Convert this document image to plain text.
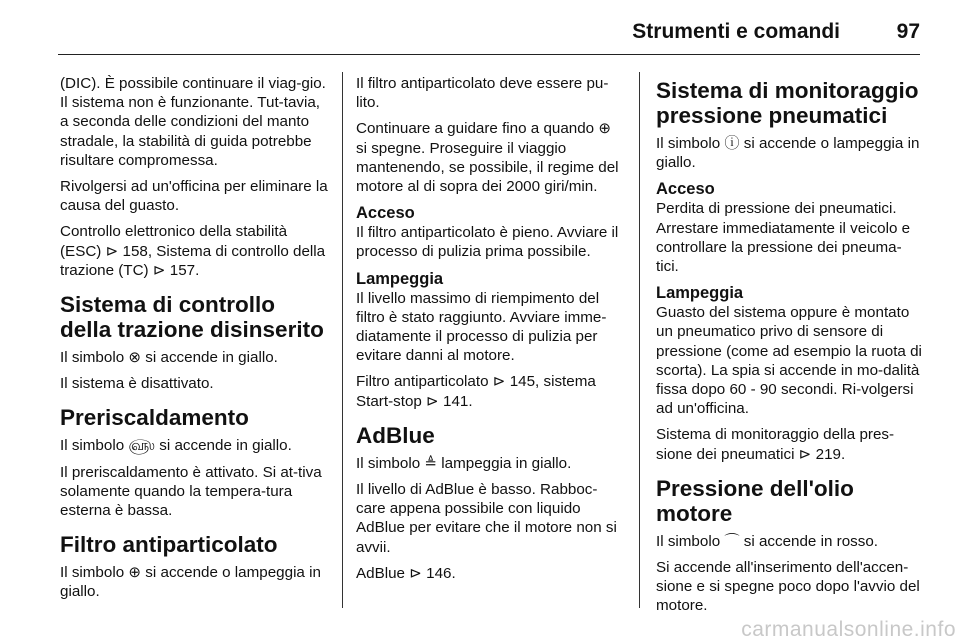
Strumenti e comandi	97

(DIC). È possibile continuare il viag-gio. Il sistema non è funzionante. Tut-tavia, a seconda delle condizioni del manto stradale, la stabilità di guida potrebbe risultare compromessa.

Rivolgersi ad un'officina per eliminare la causa del guasto.

Controllo elettronico della stabilità (ESC) ⊳ 158, Sistema di controllo della trazione (TC) ⊳ 157.

Sistema di controllo della trazione disinserito

Il simbolo ⊗ si accende in giallo.

Il sistema è disattivato.

Preriscaldamento

Il simbolo ௵ si accende in giallo.

Il preriscaldamento è attivato. Si at-tiva solamente quando la tempera-tura esterna è bassa.

Filtro antiparticolato

Il simbolo ⊕ si accende o lampeggia in giallo.

Il filtro antiparticolato deve essere pu-lito.

Continuare a guidare fino a quando ⊕ si spegne. Proseguire il viaggio mantenendo, se possibile, il regime del motore al di sopra dei 2000 giri/min.

Acceso

Il filtro antiparticolato è pieno. Avviare il processo di pulizia prima possibile.

Lampeggia

Il livello massimo di riempimento del filtro è stato raggiunto. Avviare imme-diatamente il processo di pulizia per evitare danni al motore.

Filtro antiparticolato ⊳ 145, sistema Start-stop ⊳ 141.

AdBlue

Il simbolo ≜ lampeggia in giallo.

Il livello di AdBlue è basso. Rabboc-care appena possibile con liquido AdBlue per evitare che il motore non si avvii.

AdBlue ⊳ 146.

Sistema di monitoraggio pressione pneumatici

Il simbolo ⓘ si accende o lampeggia in giallo.

Acceso

Perdita di pressione dei pneumatici. Arrestare immediatamente il veicolo e controllare la pressione dei pneuma-tici.

Lampeggia

Guasto del sistema oppure è montato un pneumatico privo di sensore di pressione (come ad esempio la ruota di scorta). La spia si accende in mo-dalità fissa dopo 60 - 90 secondi. Ri-volgersi ad un'officina.

Sistema di monitoraggio della pres-sione dei pneumatici ⊳ 219.

Pressione dell'olio motore

Il simbolo ⌒ si accende in rosso.

Si accende all'inserimento dell'accen-sione e si spegne poco dopo l'avvio del motore.

carmanualsonline.info
